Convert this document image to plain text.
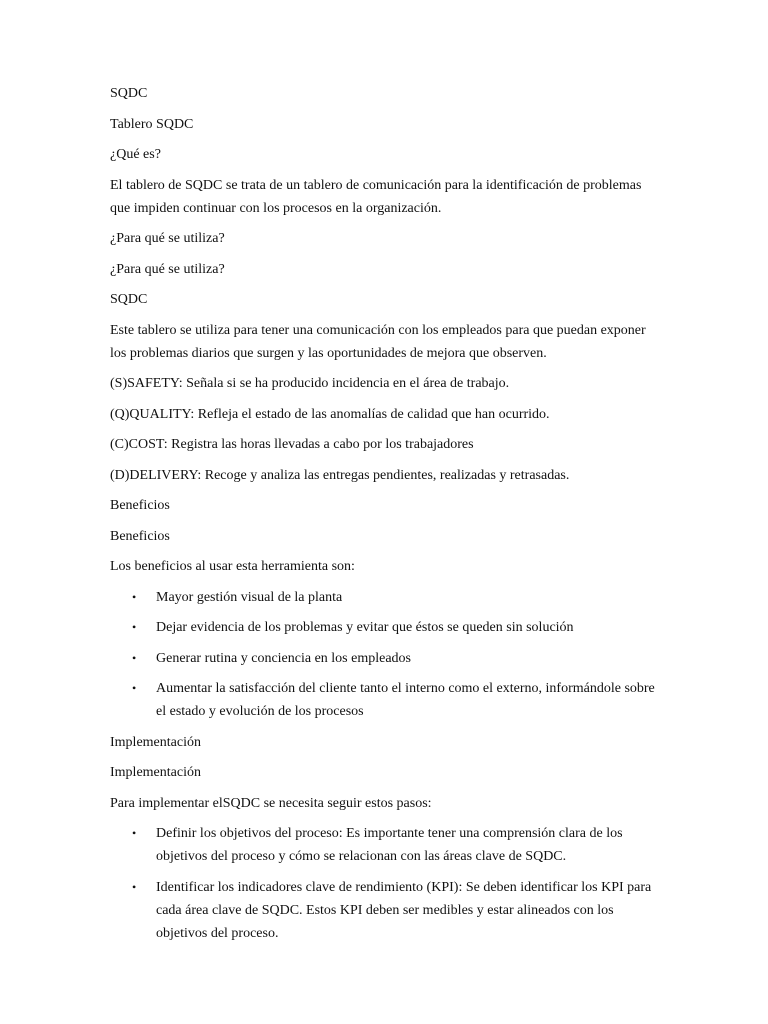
SQDC

Tablero SQDC

¿Qué es?

El tablero de SQDC se trata de un tablero de comunicación para la identificación de problemas que impiden continuar con los procesos en la organización.

¿Para qué se utiliza?

¿Para qué se utiliza?

SQDC

Este tablero se utiliza para tener una comunicación con los empleados para que puedan exponer los problemas diarios que surgen y las oportunidades de mejora que observen.

(S)SAFETY: Señala si se ha producido incidencia en el área de trabajo.

(Q)QUALITY: Refleja el estado de las anomalías de calidad que han ocurrido.

(C)COST: Registra las horas llevadas a cabo por los trabajadores

(D)DELIVERY: Recoge y analiza las entregas pendientes, realizadas y retrasadas.

Beneficios

Beneficios

Los beneficios al usar esta herramienta son:

• Mayor gestión visual de la planta
• Dejar evidencia de los problemas y evitar que éstos se queden sin solución
• Generar rutina y conciencia en los empleados
• Aumentar la satisfacción del cliente tanto el interno como el externo, informándole sobre el estado y evolución de los procesos

Implementación

Implementación

Para implementar elSQDC se necesita seguir estos pasos:

• Definir los objetivos del proceso: Es importante tener una comprensión clara de los objetivos del proceso y cómo se relacionan con las áreas clave de SQDC.
• Identificar los indicadores clave de rendimiento (KPI): Se deben identificar los KPI para cada área clave de SQDC. Estos KPI deben ser medibles y estar alineados con los objetivos del proceso.
